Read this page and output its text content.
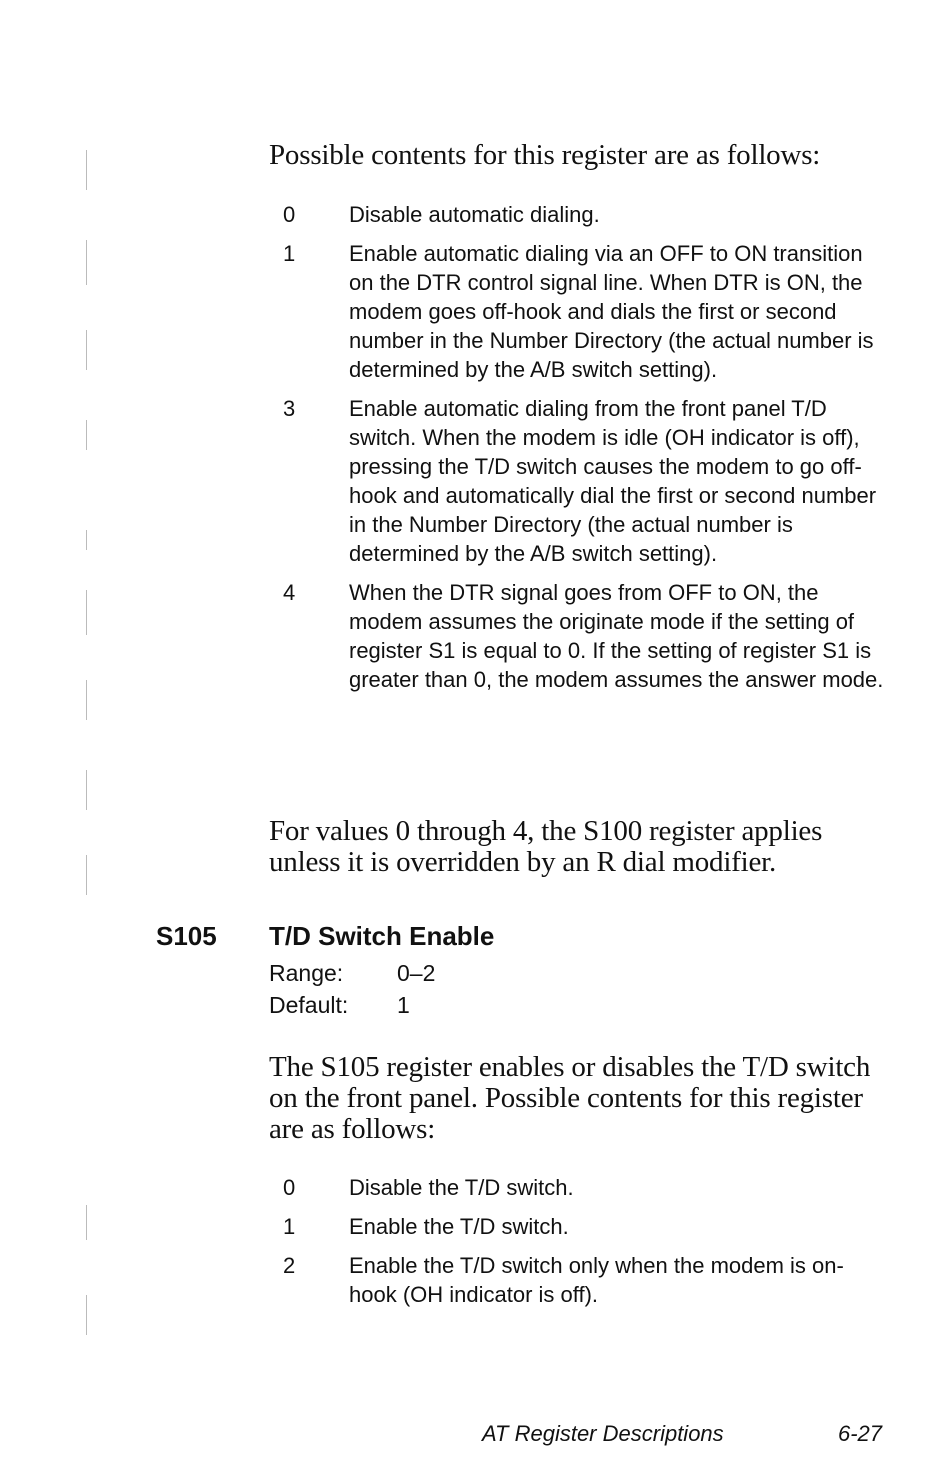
Possible contents for this register are as follows:

0	Disable automatic dialing.
1	Enable automatic dialing via an OFF to ON transition on the DTR control signal line. When DTR is ON, the modem goes off-hook and dials the first or second number in the Number Directory (the actual number is determined by the A/B switch setting).
3	Enable automatic dialing from the front panel T/D switch. When the modem is idle (OH indicator is off), pressing the T/D switch causes the modem to go off-hook and automatically dial the first or second number in the Number Directory (the actual number is determined by the A/B switch setting).
4	When the DTR signal goes from OFF to ON, the modem assumes the originate mode if the setting of register S1 is equal to 0. If the setting of register S1 is greater than 0, the modem assumes the answer mode.

For values 0 through 4, the S100 register applies unless it is overridden by an R dial modifier.

S105 T/D Switch Enable
Range:	0–2
Default:	1

The S105 register enables or disables the T/D switch on the front panel. Possible contents for this register are as follows:

0	Disable the T/D switch.
1	Enable the T/D switch.
2	Enable the T/D switch only when the modem is on-hook (OH indicator is off).
AT Register Descriptions	6-27
